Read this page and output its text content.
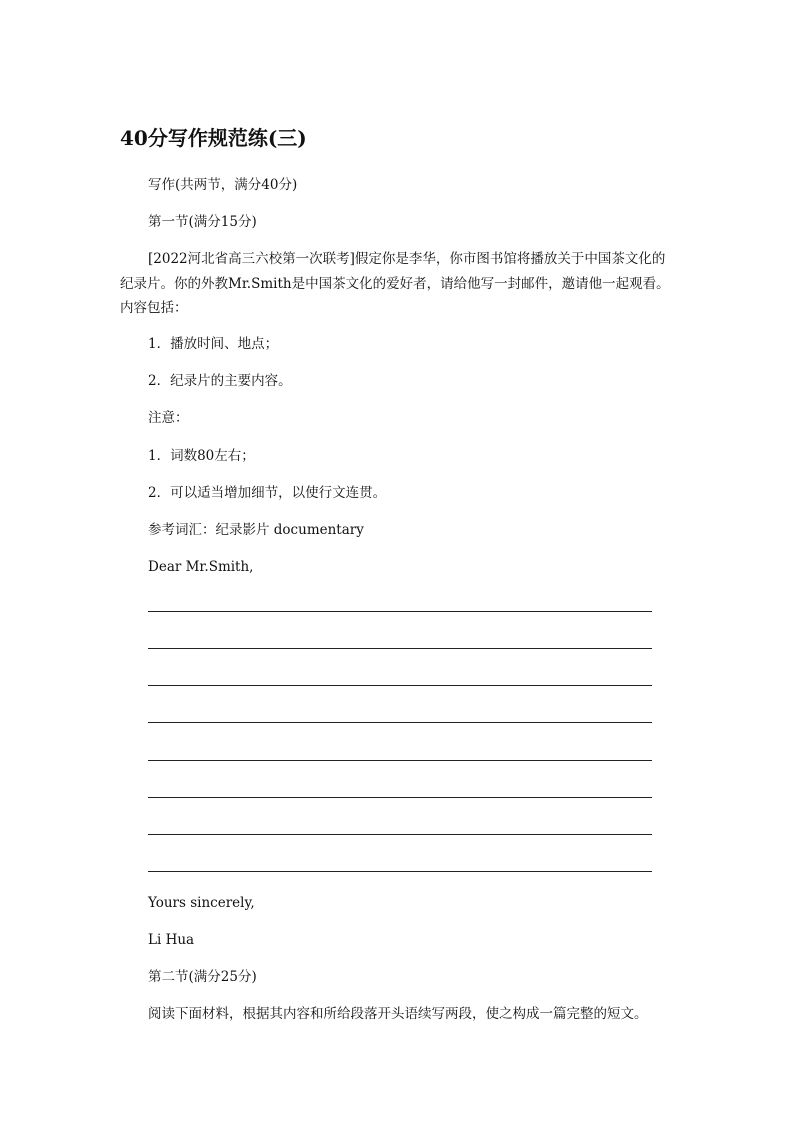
40分写作规范练(三)
写作(共两节，满分40分)
第一节(满分15分)
[2022河北省高三六校第一次联考]假定你是李华，你市图书馆将播放关于中国茶文化的
纪录片。你的外教Mr.Smith是中国茶文化的爱好者，请给他写一封邮件，邀请他一起观看。
内容包括：
1．播放时间、地点；
2．纪录片的主要内容。
注意：
1．词数80左右；
2．可以适当增加细节，以使行文连贯。
参考词汇：纪录影片 documentary
Dear Mr.Smith,
Yours sincerely,
Li Hua
第二节(满分25分)
阅读下面材料，根据其内容和所给段落开头语续写两段，使之构成一篇完整的短文。
